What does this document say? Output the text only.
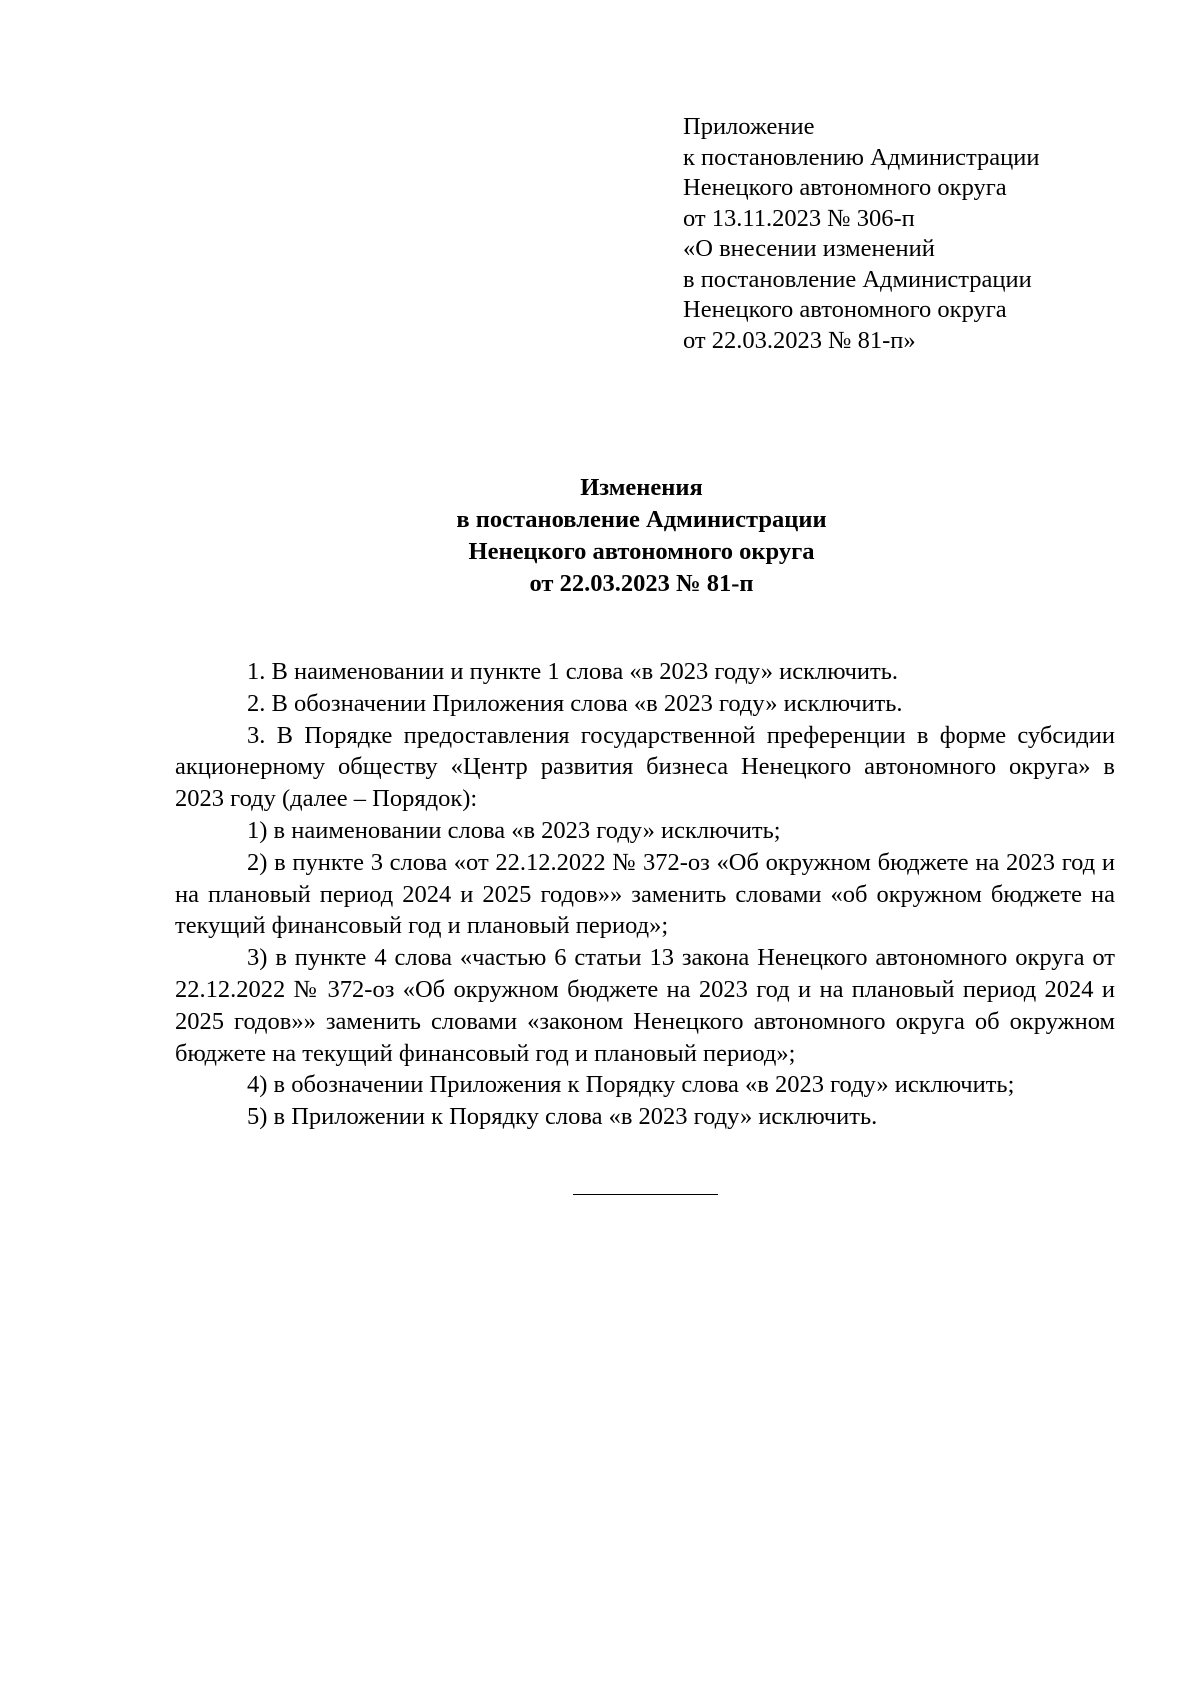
Приложение
к постановлению Администрации
Ненецкого автономного округа
от 13.11.2023 № 306-п
«О внесении изменений
в постановление Администрации
Ненецкого автономного округа
от 22.03.2023 № 81-п»
Изменения
в постановление Администрации
Ненецкого автономного округа
от 22.03.2023 № 81-п

1. В наименовании и пункте 1 слова «в 2023 году» исключить.

2. В обозначении Приложения слова «в 2023 году» исключить.

3. В Порядке предоставления государственной преференции в форме субсидии акционерному обществу «Центр развития бизнеса Ненецкого автономного округа» в 2023 году (далее – Порядок):

1) в наименовании слова «в 2023 году» исключить;

2) в пункте 3 слова «от 22.12.2022 № 372-оз «Об окружном бюджете на 2023 год и на плановый период 2024 и 2025 годов»» заменить словами «об окружном бюджете на текущий финансовый год и плановый период»;

3) в пункте 4 слова «частью 6 статьи 13 закона Ненецкого автономного округа от 22.12.2022 № 372-оз «Об окружном бюджете на 2023 год и на плановый период 2024 и 2025 годов»» заменить словами «законом Ненецкого автономного округа об окружном бюджете на текущий финансовый год и плановый период»;

4) в обозначении Приложения к Порядку слова «в 2023 году» исключить;

5) в Приложении к Порядку слова «в 2023 году» исключить.
